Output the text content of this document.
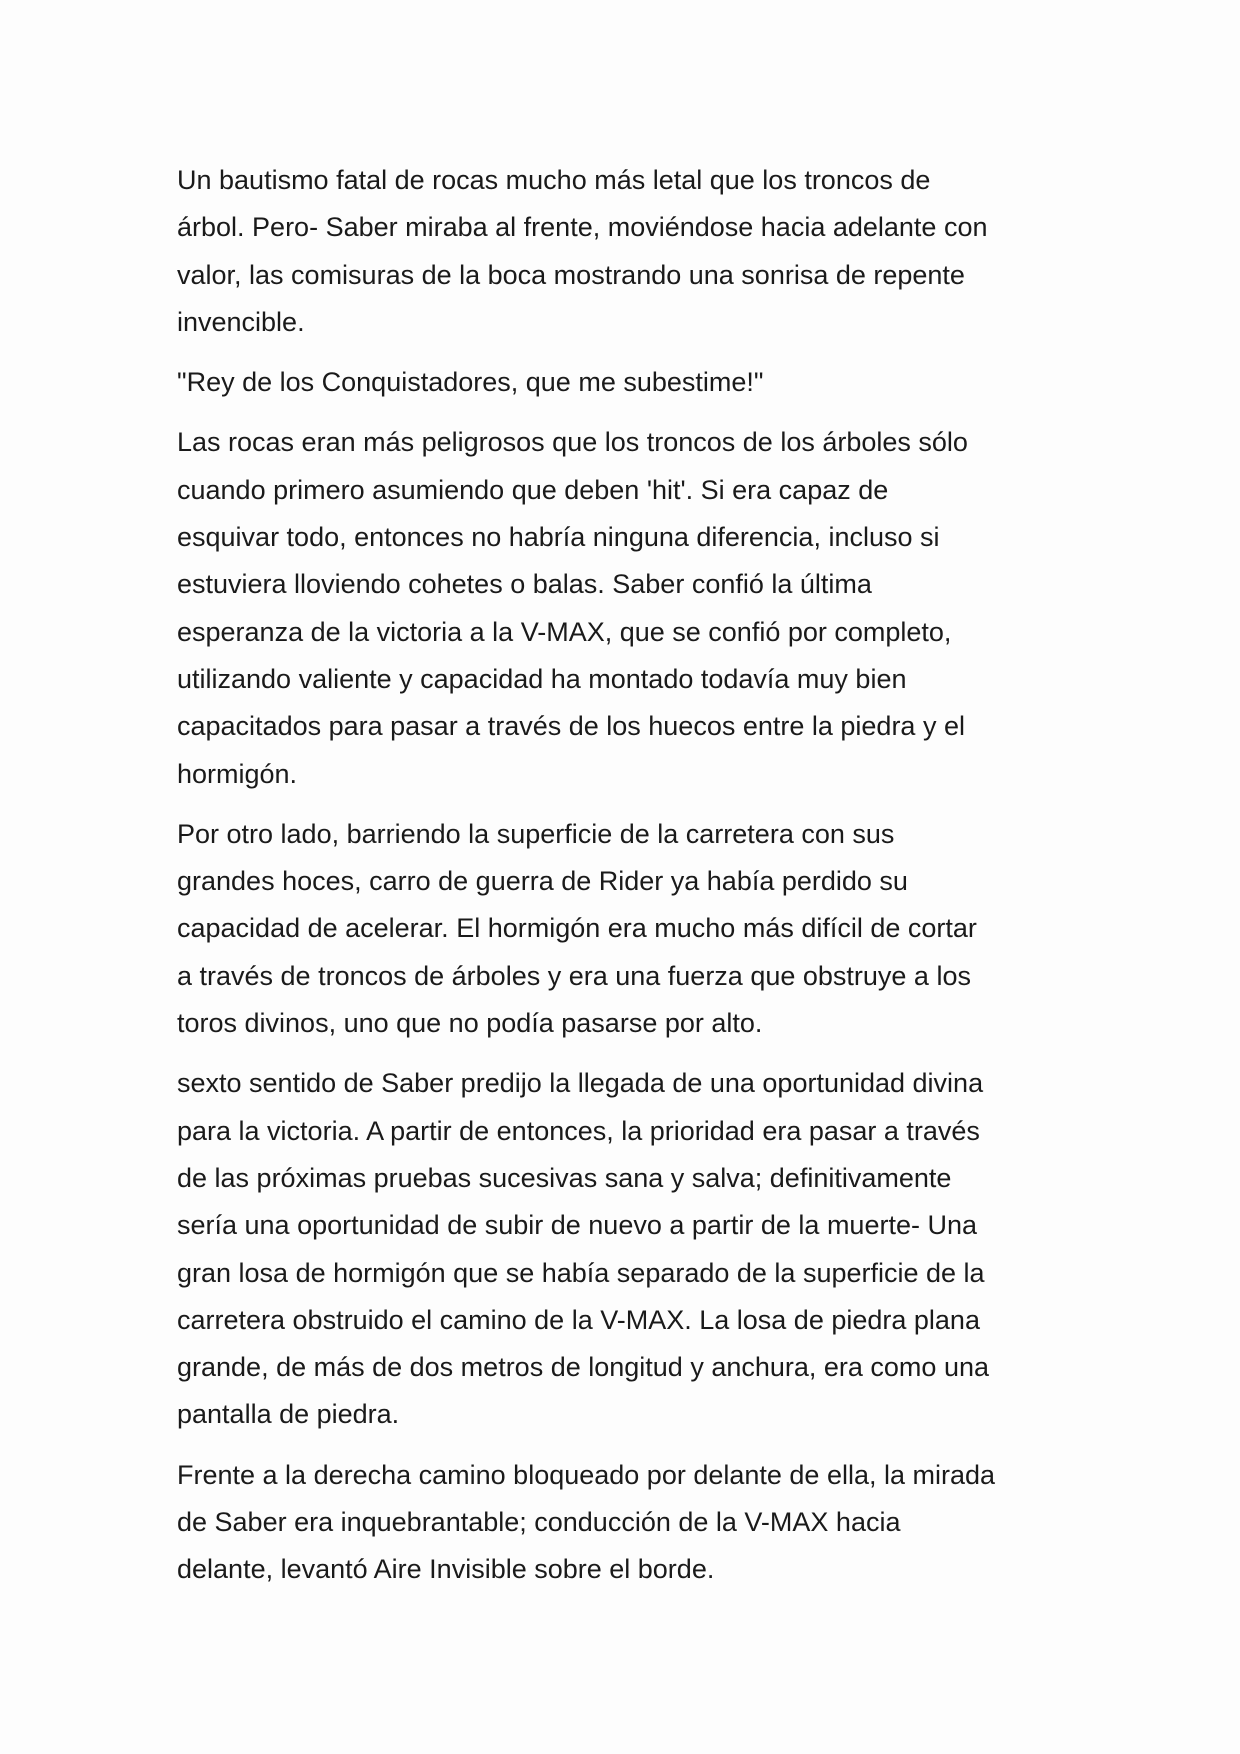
Un bautismo fatal de rocas mucho más letal que los troncos de
árbol. Pero- Saber miraba al frente, moviéndose hacia adelante con
valor, las comisuras de la boca mostrando una sonrisa de repente
invencible.

"Rey de los Conquistadores, que me subestime!"

Las rocas eran más peligrosos que los troncos de los árboles sólo
cuando primero asumiendo que deben 'hit'. Si era capaz de
esquivar todo, entonces no habría ninguna diferencia, incluso si
estuviera lloviendo cohetes o balas. Saber confió la última
esperanza de la victoria a la V-MAX, que se confió por completo,
utilizando valiente y capacidad ha montado todavía muy bien
capacitados para pasar a través de los huecos entre la piedra y el
hormigón.

Por otro lado, barriendo la superficie de la carretera con sus
grandes hoces, carro de guerra de Rider ya había perdido su
capacidad de acelerar. El hormigón era mucho más difícil de cortar
a través de troncos de árboles y era una fuerza que obstruye a los
toros divinos, uno que no podía pasarse por alto.

sexto sentido de Saber predijo la llegada de una oportunidad divina
para la victoria. A partir de entonces, la prioridad era pasar a través
de las próximas pruebas sucesivas sana y salva; definitivamente
sería una oportunidad de subir de nuevo a partir de la muerte- Una
gran losa de hormigón que se había separado de la superficie de la
carretera obstruido el camino de la V-MAX. La losa de piedra plana
grande, de más de dos metros de longitud y anchura, era como una
pantalla de piedra.

Frente a la derecha camino bloqueado por delante de ella, la mirada
de Saber era inquebrantable; conducción de la V-MAX hacia
delante, levantó Aire Invisible sobre el borde.
